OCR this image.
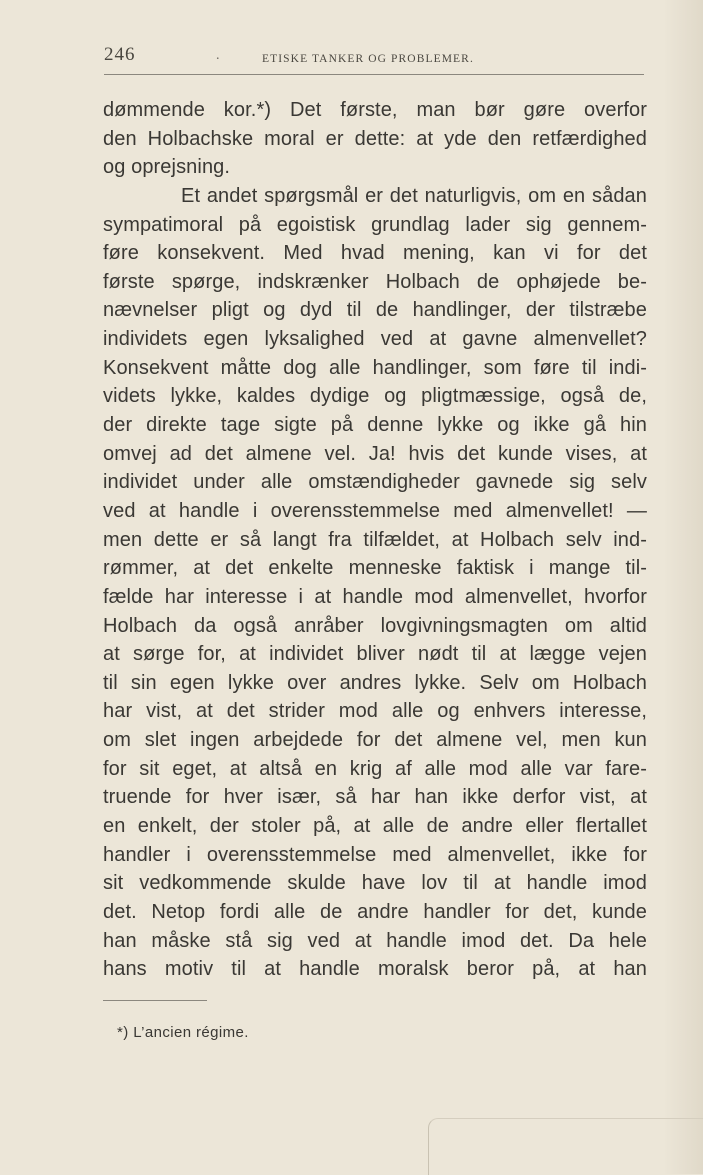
246	.	ETISKE TANKER OG PROBLEMER.
dømmende kor.*) Det første, man bør gøre overfor
den Holbachske moral er dette: at yde den retfærdighed
og oprejsning.
Et andet spørgsmål er det naturligvis, om en sådan
sympatimoral på egoistisk grundlag lader sig gennem-
føre konsekvent. Med hvad mening, kan vi for det
første spørge, indskrænker Holbach de ophøjede be-
nævnelser pligt og dyd til de handlinger, der tilstræbe
individets egen lyksalighed ved at gavne almenvellet?
Konsekvent måtte dog alle handlinger, som føre til indi-
videts lykke, kaldes dydige og pligtmæssige, også de,
der direkte tage sigte på denne lykke og ikke gå hin
omvej ad det almene vel. Ja! hvis det kunde vises, at
individet under alle omstændigheder gavnede sig selv
ved at handle i overensstemmelse med almenvellet! —
men dette er så langt fra tilfældet, at Holbach selv ind-
rømmer, at det enkelte menneske faktisk i mange til-
fælde har interesse i at handle mod almenvellet, hvorfor
Holbach da også anråber lovgivningsmagten om altid
at sørge for, at individet bliver nødt til at lægge vejen
til sin egen lykke over andres lykke. Selv om Holbach
har vist, at det strider mod alle og enhvers interesse,
om slet ingen arbejdede for det almene vel, men kun
for sit eget, at altså en krig af alle mod alle var fare-
truende for hver især, så har han ikke derfor vist, at
en enkelt, der stoler på, at alle de andre eller flertallet
handler i overensstemmelse med almenvellet, ikke for
sit vedkommende skulde have lov til at handle imod
det. Netop fordi alle de andre handler for det, kunde
han måske stå sig ved at handle imod det. Da hele
hans motiv til at handle moralsk beror på, at han
*) L’ancien régime.
